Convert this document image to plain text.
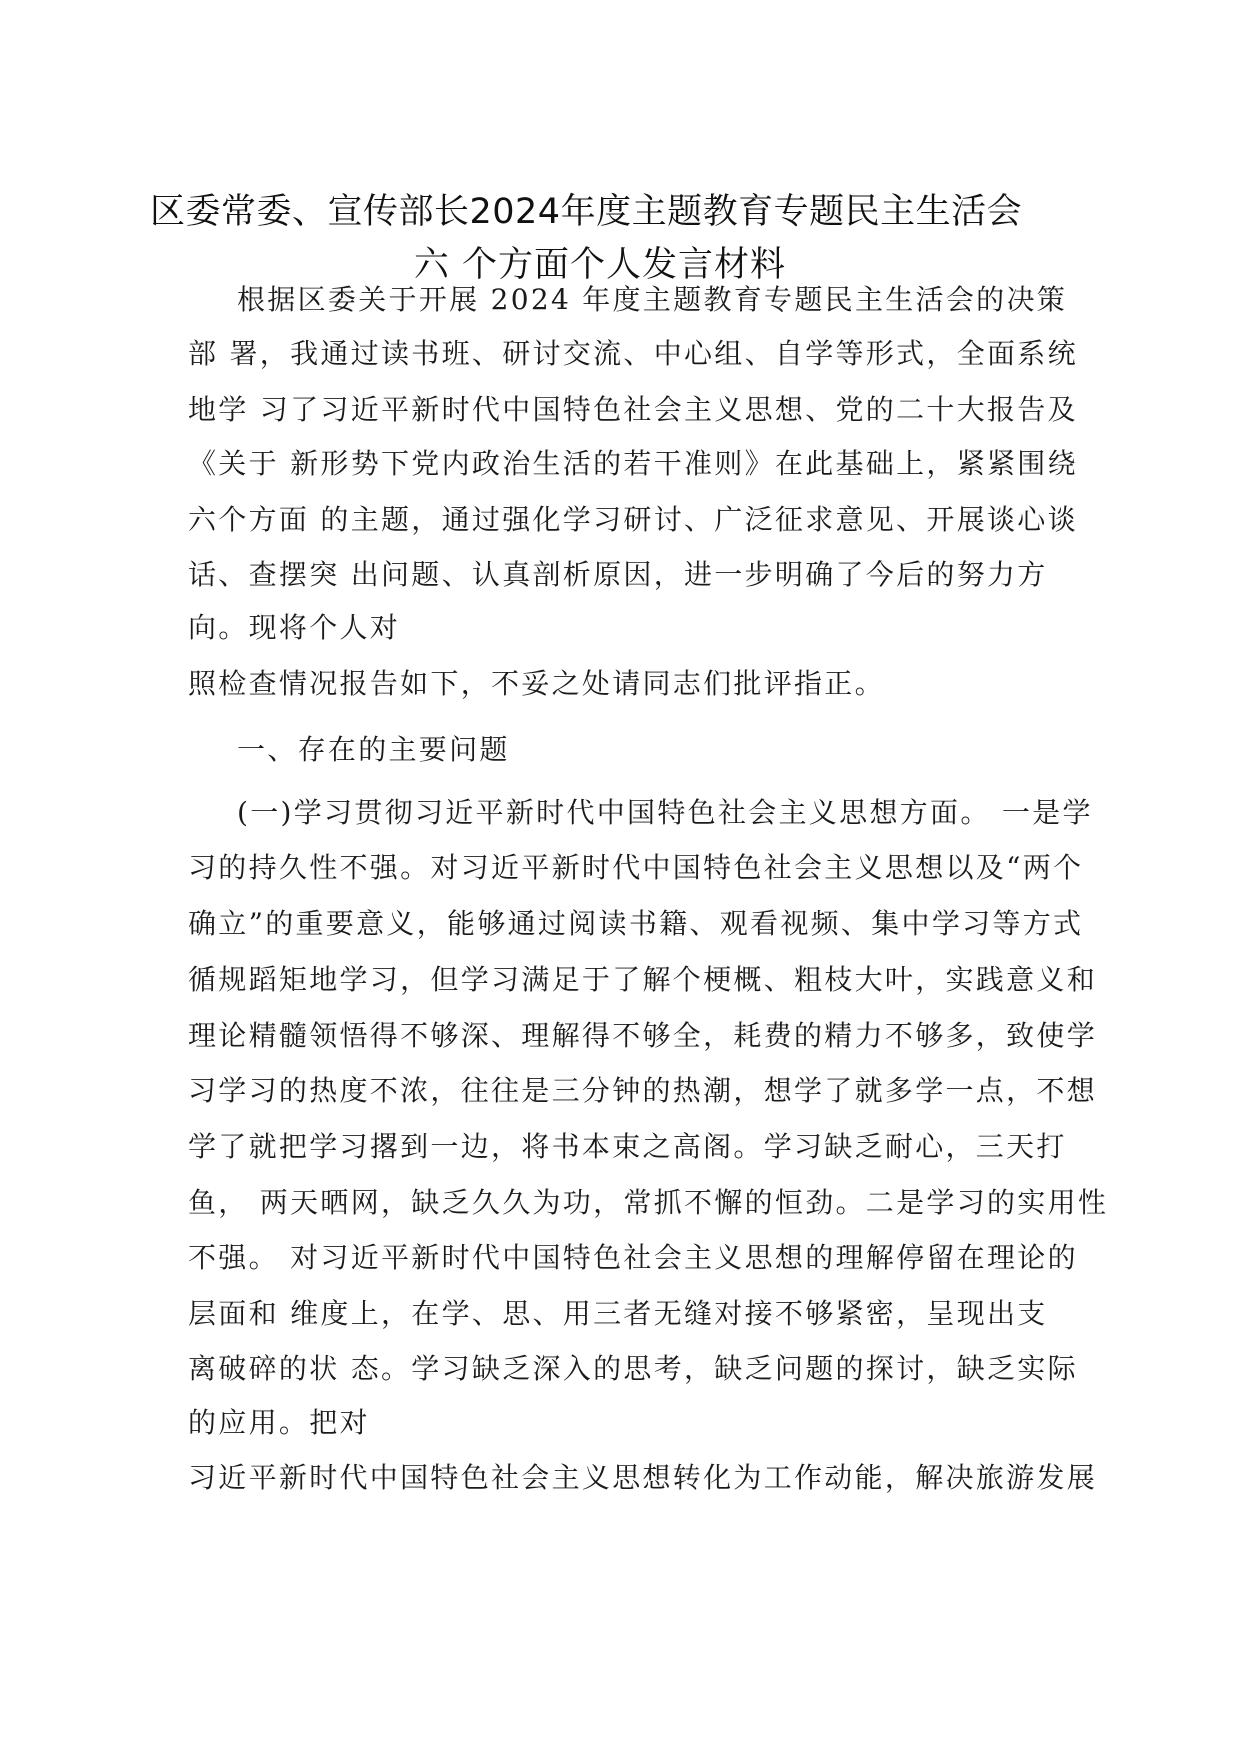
区委常委、宣传部长2024年度主题教育专题民主生活会
六 个方面个人发言材料
根据区委关于开展 2024 年度主题教育专题民主生活会的决策
部 署，我通过读书班、研讨交流、中心组、自学等形式，全面系统
地学 习了习近平新时代中国特色社会主义思想、党的二十大报告及
《关于 新形势下党内政治生活的若干准则》在此基础上，紧紧围绕
六个方面 的主题，通过强化学习研讨、广泛征求意见、开展谈心谈
话、查摆突 出问题、认真剖析原因，进一步明确了今后的努力方
向。现将个人对
照检查情况报告如下，不妥之处请同志们批评指正。
一、存在的主要问题
(一)学习贯彻习近平新时代中国特色社会主义思想方面。 一是学
习的持久性不强。对习近平新时代中国特色社会主义思想以及“两个
确立”的重要意义，能够通过阅读书籍、观看视频、集中学习等方式
循规蹈矩地学习，但学习满足于了解个梗概、粗枝大叶，实践意义和
理论精髓领悟得不够深、理解得不够全，耗费的精力不够多，致使学
习学习的热度不浓，往往是三分钟的热潮，想学了就多学一点，不想
学了就把学习撂到一边，将书本束之高阁。学习缺乏耐心，三天打
鱼， 两天晒网，缺乏久久为功，常抓不懈的恒劲。二是学习的实用性
不强。 对习近平新时代中国特色社会主义思想的理解停留在理论的
层面和 维度上，在学、思、用三者无缝对接不够紧密，呈现出支
离破碎的状 态。学习缺乏深入的思考，缺乏问题的探讨，缺乏实际
的应用。把对
习近平新时代中国特色社会主义思想转化为工作动能，解决旅游发展
